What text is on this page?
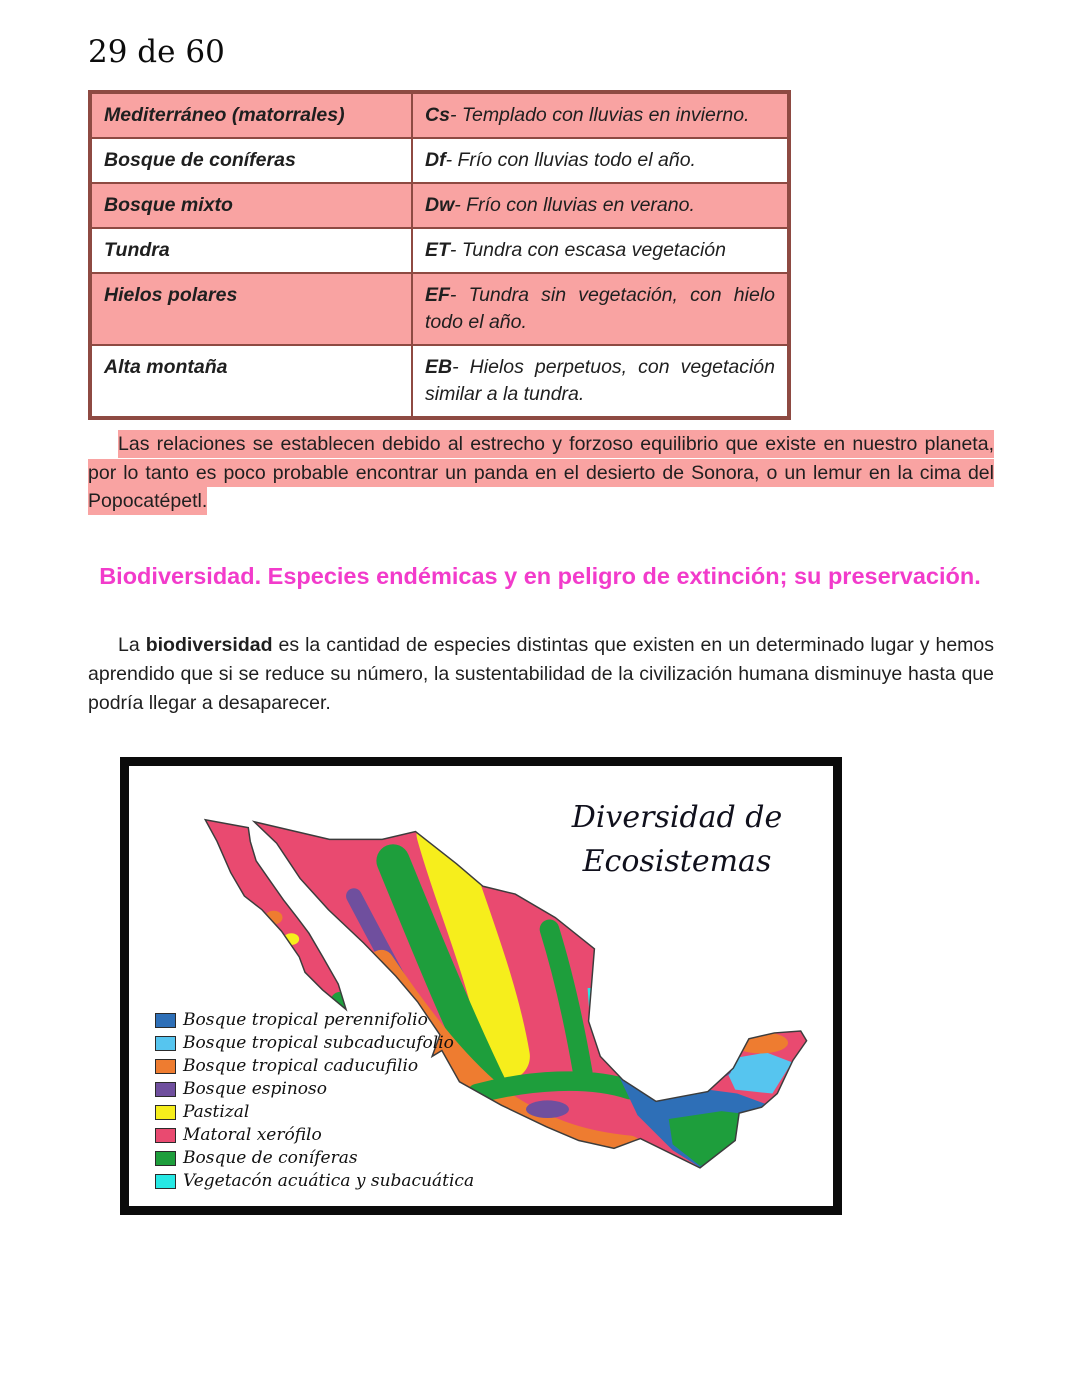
29 de 60
Mediterráneo (matorrales)	Cs- Templado con lluvias en invierno.
Bosque de coníferas	Df- Frío con lluvias todo el año.
Bosque mixto	Dw- Frío con lluvias en verano.
Tundra	ET- Tundra con escasa vegetación
Hielos polares	EF- Tundra sin vegetación, con hielo todo el año.
Alta montaña	EB- Hielos perpetuos, con vegetación similar a la tundra.

Las relaciones se establecen debido al estrecho y forzoso equilibrio que existe en nuestro planeta, por lo tanto es poco probable encontrar un panda en el desierto de Sonora, o un lemur en la cima del Popocatépetl.

Biodiversidad. Especies endémicas y en peligro de extinción; su preservación.

La biodiversidad es la cantidad de especies distintas que existen en un determinado lugar y hemos aprendido que si se reduce su número, la sustentabilidad de la civilización humana disminuye hasta que podría llegar a desaparecer.

Diversidad de
Ecosistemas
Bosque tropical perennifolio
Bosque tropical subcaducufolio
Bosque tropical caducufilio
Bosque espinoso
Pastizal
Matoral xerófilo
Bosque de coníferas
Vegetacón acuática y subacuática
